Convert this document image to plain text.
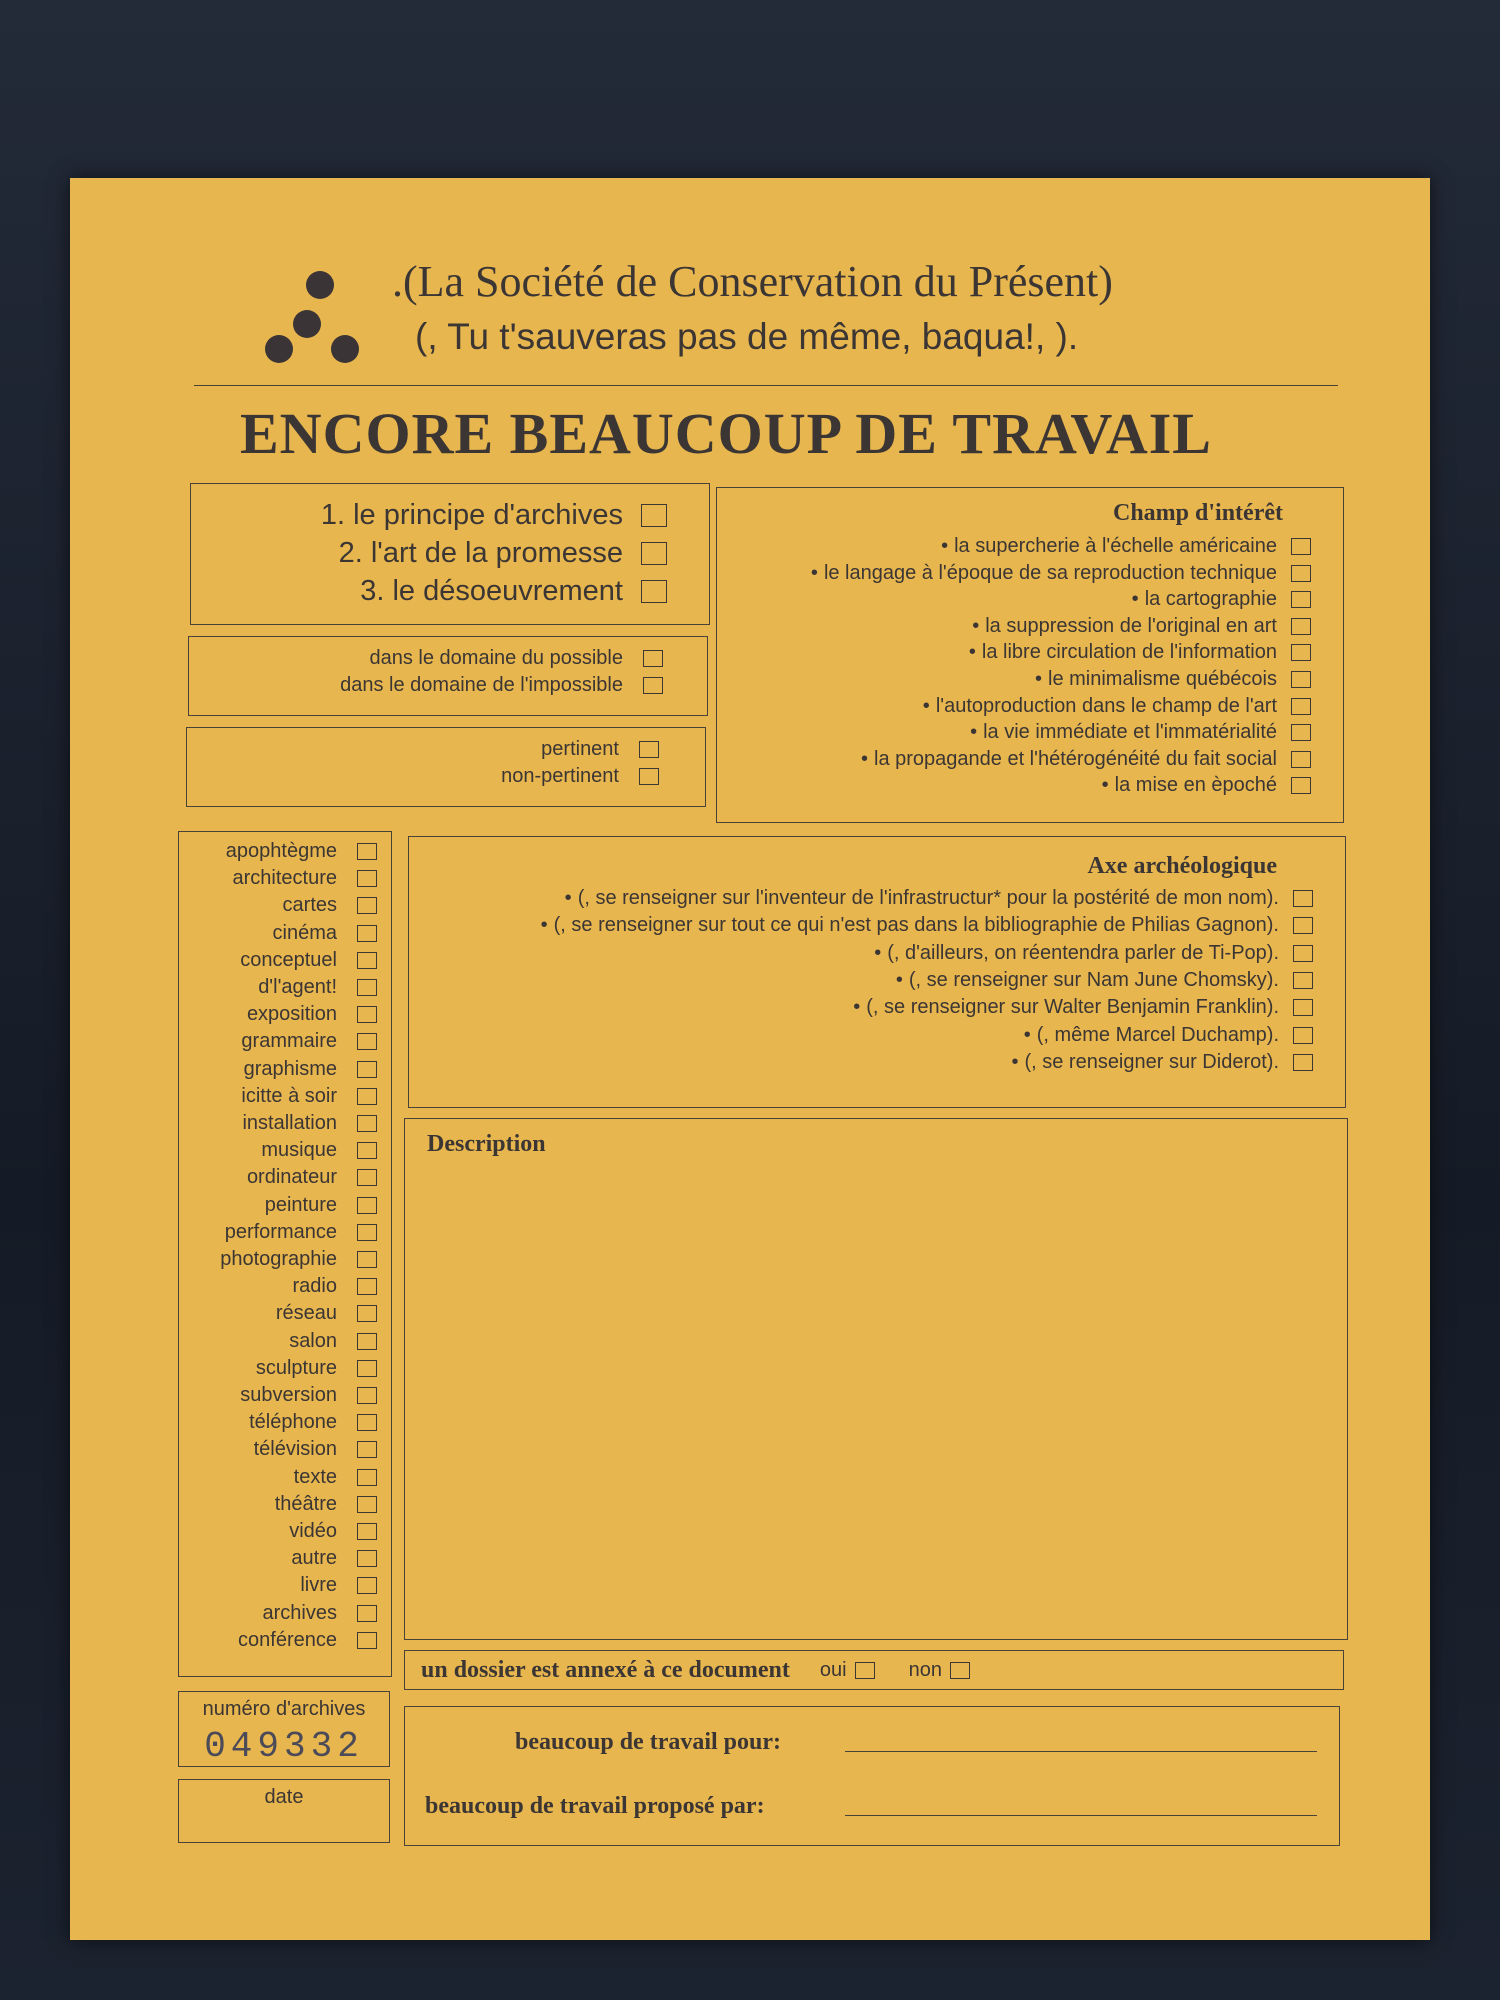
.(La Société de Conservation du Présent)
(, Tu t'sauveras pas de même, baqua!, ).
ENCORE BEAUCOUP DE TRAVAIL
1. le principe d'archives
2. l'art de la promesse
3. le désoeuvrement
dans le domaine du possible
dans le domaine de l'impossible
pertinent
non-pertinent
Champ d'intérêt
• la supercherie à l'échelle américaine
• le langage à l'époque de sa reproduction technique
• la cartographie
• la suppression de l'original en art
• la libre circulation de l'information
• le minimalisme québécois
• l'autoproduction dans le champ de l'art
• la vie immédiate et l'immatérialité
• la propagande et l'hétérogénéité du fait social
• la mise en èpoché
apophtègme
architecture
cartes
cinéma
conceptuel
d'l'agent!
exposition
grammaire
graphisme
icitte à soir
installation
musique
ordinateur
peinture
performance
photographie
radio
réseau
salon
sculpture
subversion
téléphone
télévision
texte
théâtre
vidéo
autre
livre
archives
conférence
Axe archéologique
• (, se renseigner sur l'inventeur de l'infrastructur* pour la postérité de mon nom).
• (, se renseigner sur tout ce qui n'est pas dans la bibliographie de Philias Gagnon).
• (, d'ailleurs, on réentendra parler de Ti-Pop).
• (, se renseigner sur Nam June Chomsky).
• (, se renseigner sur Walter Benjamin Franklin).
• (, même Marcel Duchamp).
• (, se renseigner sur Diderot).
Description
un dossier est annexé à ce document oui	non
numéro d'archives
049332
date
beaucoup de travail pour:
beaucoup de travail proposé par:
